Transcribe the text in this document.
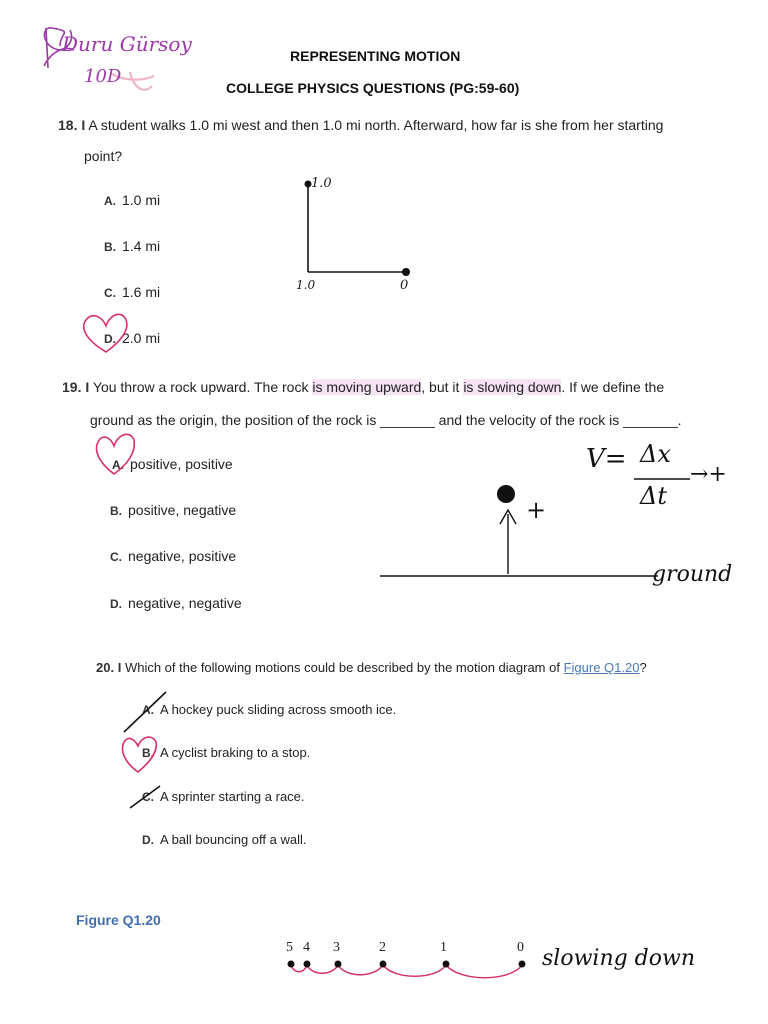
Duru Gürsoy
10D
REPRESENTING MOTION
COLLEGE PHYSICS QUESTIONS (PG:59-60)
18. I A student walks 1.0 mi west and then 1.0 mi north. Afterward, how far is she from her starting
point?
A. 1.0 mi
B. 1.4 mi
C. 1.6 mi
D. 2.0 mi
1.0
1.0	0
19. I You throw a rock upward. The rock is moving upward, but it is slowing down. If we define the
ground as the origin, the position of the rock is _______ and the velocity of the rock is _______.
A. positive, positive
B. positive, negative
C. negative, positive
D. negative, negative
+
ground
V= Δx
→+
Δt
20. I Which of the following motions could be described by the motion diagram of Figure Q1.20?
A. A hockey puck sliding across smooth ice.
B. A cyclist braking to a stop.
C. A sprinter starting a race.
D. A ball bouncing off a wall.
Figure Q1.20
5 4 3	2	1	0 slowing down
